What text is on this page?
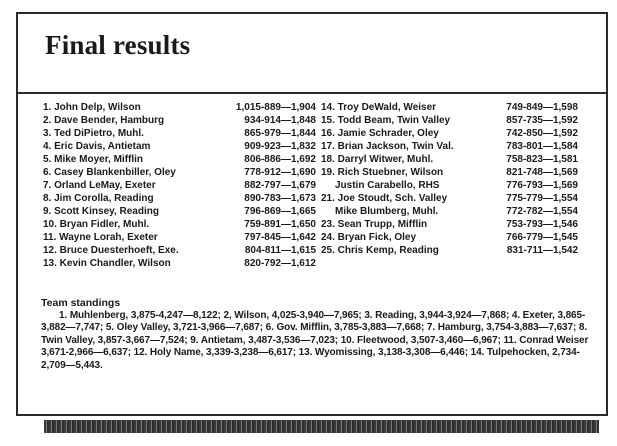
Final results
1. John Delp, Wilson	1,015-889—1,904
2. Dave Bender, Hamburg	934-914—1,848
3. Ted DiPietro, Muhl.	865-979—1,844
4. Eric Davis, Antietam	909-923—1,832
5. Mike Moyer, Mifflin	806-886—1,692
6. Casey Blankenbiller, Oley	778-912—1,690
7. Orland LeMay, Exeter	882-797—1,679
8. Jim Corolla, Reading	890-783—1,673
9. Scott Kinsey, Reading	796-869—1,665
10. Bryan Fidler, Muhl.	759-891—1,650
11. Wayne Lorah, Exeter	797-845—1,642
12. Bruce Duesterhoeft, Exe.	804-811—1,615
13. Kevin Chandler, Wilson	820-792—1,612
14. Troy DeWald, Weiser	749-849—1,598
15. Todd Beam, Twin Valley	857-735—1,592
16. Jamie Schrader, Oley	742-850—1,592
17. Brian Jackson, Twin Val.	783-801—1,584
18. Darryl Witwer, Muhl.	758-823—1,581
19. Rich Stuebner, Wilson	821-748—1,569
Justin Carabello, RHS	776-793—1,569
21. Joe Stoudt, Sch. Valley	775-779—1,554
Mike Blumberg, Muhl.	772-782—1,554
23. Sean Trupp, Mifflin	753-793—1,546
24. Bryan Fick, Oley	766-779—1,545
25. Chris Kemp, Reading	831-711—1,542
Team standings
1. Muhlenberg, 3,875-4,247—8,122; 2, Wilson, 4,025-3,940—7,965; 3. Reading, 3,944-3,924—7,868; 4. Exeter, 3,865-3,882—7,747; 5. Oley Valley, 3,721-3,966—7,687; 6. Gov. Mifflin, 3,785-3,883—7,668; 7. Hamburg, 3,754-3,883—7,637; 8. Twin Valley, 3,857-3,667—7,524; 9. Antietam, 3,487-3,536—7,023; 10. Fleetwood, 3,507-3,460—6,967; 11. Conrad Weiser 3,671-2,966—6,637; 12. Holy Name, 3,339-3,238—6,617; 13. Wyomissing, 3,138-3,308—6,446; 14. Tulpehocken, 2,734-2,709—5,443.
